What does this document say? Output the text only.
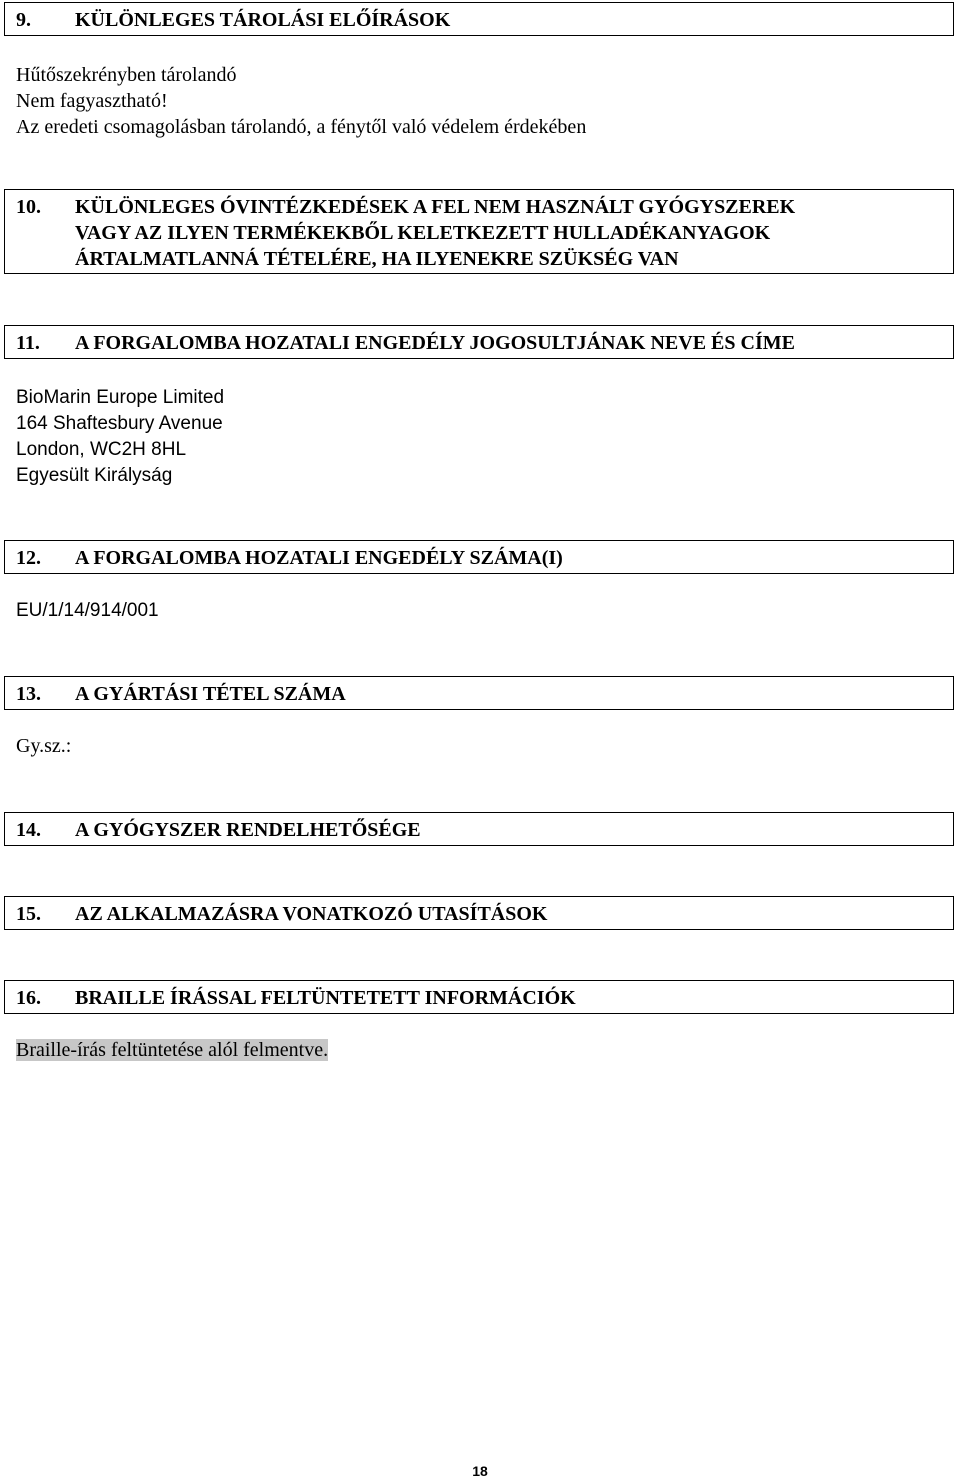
9. KÜLÖNLEGES TÁROLÁSI ELŐÍRÁSOK
Hűtőszekrényben tárolandó
Nem fagyasztható!
Az eredeti csomagolásban tárolandó, a fénytől való védelem érdekében
10. KÜLÖNLEGES ÓVINTÉZKEDÉSEK A FEL NEM HASZNÁLT GYÓGYSZEREK
VAGY AZ ILYEN TERMÉKEKBŐL KELETKEZETT HULLADÉKANYAGOK
ÁRTALMATLANNÁ TÉTELÉRE, HA ILYENEKRE SZÜKSÉG VAN
11. A FORGALOMBA HOZATALI ENGEDÉLY JOGOSULTJÁNAK NEVE ÉS CÍME
BioMarin Europe Limited
164 Shaftesbury Avenue
London, WC2H 8HL
Egyesült Királyság
12. A FORGALOMBA HOZATALI ENGEDÉLY SZÁMA(I)
EU/1/14/914/001
13. A GYÁRTÁSI TÉTEL SZÁMA
Gy.sz.:
14. A GYÓGYSZER RENDELHETŐSÉGE
15. AZ ALKALMAZÁSRA VONATKOZÓ UTASÍTÁSOK
16. BRAILLE ÍRÁSSAL FELTÜNTETETT INFORMÁCIÓK
Braille-írás feltüntetése alól felmentve.
18
